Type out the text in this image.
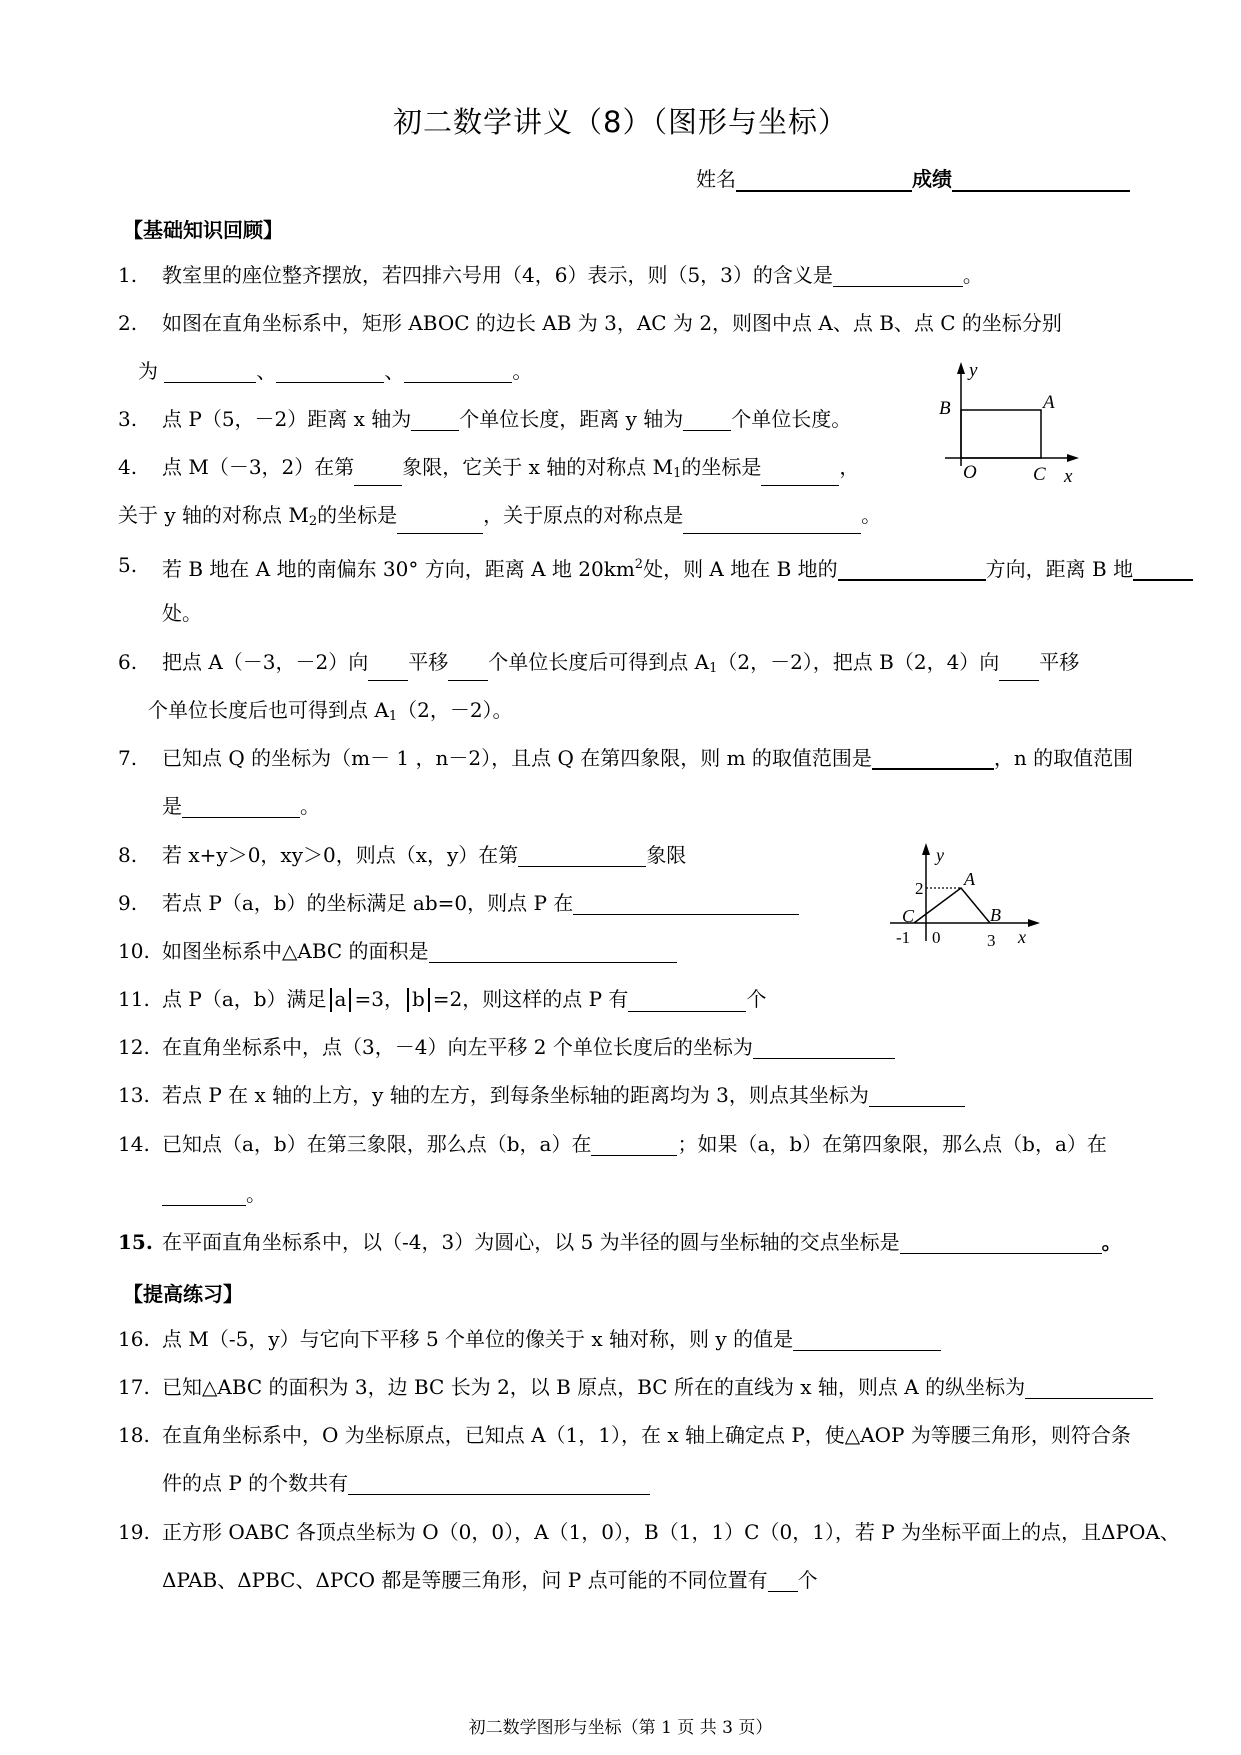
初二数学讲义（8）（图形与坐标）
姓名	成绩
【基础知识回顾】
1. 教室里的座位整齐摆放，若四排六号用（4，6）表示，则（5，3）的含义是	。
2. 如图在直角坐标系中，矩形 ABOC 的边长 AB 为 3，AC 为 2，则图中点 A、点 B、点 C 的坐标分别
为	、	、	。	y
x
B	A
O	C
3. 点 P（5，－2）距离 x 轴为 个单位长度，距离 y 轴为 个单位长度。
4. 点 M（－3，2）在第 象限，它关于 x 轴的对称点 $M_1$的坐标是	，
关于 y 轴的对称点 $M_2$的坐标是	，关于原点的对称点是	。
5. 若 B 地在 A 地的南偏东 30° 方向，距离 A 地 $20km^2$处，则 A 地在 B 地的	方向，距离 B 地
处。
6. 把点 A（－3，－2）向 平移 个单位长度后可得到点 $A_1(2$，－2），把点 B（2，4）向 平移
个单位长度后也可得到点 $A_1(2$，－2）。
7. 已知点 Q 的坐标为（m－ 1 ，n－2），且点 Q 在第四象限，则 m 的取值范围是	，n 的取值范围
是	。
8. 若 x+y＞0，xy＞0，则点（x，y）在第	象限	y
x
2 A
C	B
-1 0	3
9. 若点 P（a，b）的坐标满足 ab=0，则点 P 在
10. 如图坐标系中△ABC 的面积是
11. 点 P（a，b）满足 a =3， b =2，则这样的点 P 有	个
12. 在直角坐标系中，点（3，－4）向左平移 2 个单位长度后的坐标为
13. 若点 P 在 x 轴的上方，y 轴的左方，到每条坐标轴的距离均为 3，则点其坐标为
14. 已知点（a，b）在第三象限，那么点（b，a）在	；如果（a，b）在第四象限，那么点（b，a）在
。
15. 在平面直角坐标系中，以（-4，3）为圆心，以 5 为半径的圆与坐标轴的交点坐标是	。
【提高练习】
16. 点 M（-5，y）与它向下平移 5 个单位的像关于 x 轴对称，则 y 的值是
17. 已知△ABC 的面积为 3，边 BC 长为 2，以 B 原点，BC 所在的直线为 x 轴，则点 A 的纵坐标为
18. 在直角坐标系中，O 为坐标原点，已知点 A（1，1），在 x 轴上确定点 P，使△AOP 为等腰三角形，则符合条
件的点 P 的个数共有
19. 正方形 OABC 各顶点坐标为 O（0，0），A（1，0），B（1，1）C（0，1），若 P 为坐标平面上的点，且ΔPOA、
ΔPAB、ΔPBC、ΔPCO 都是等腰三角形，问 P 点可能的不同位置有 个
初二数学图形与坐标（第 1 页 共 3 页）
